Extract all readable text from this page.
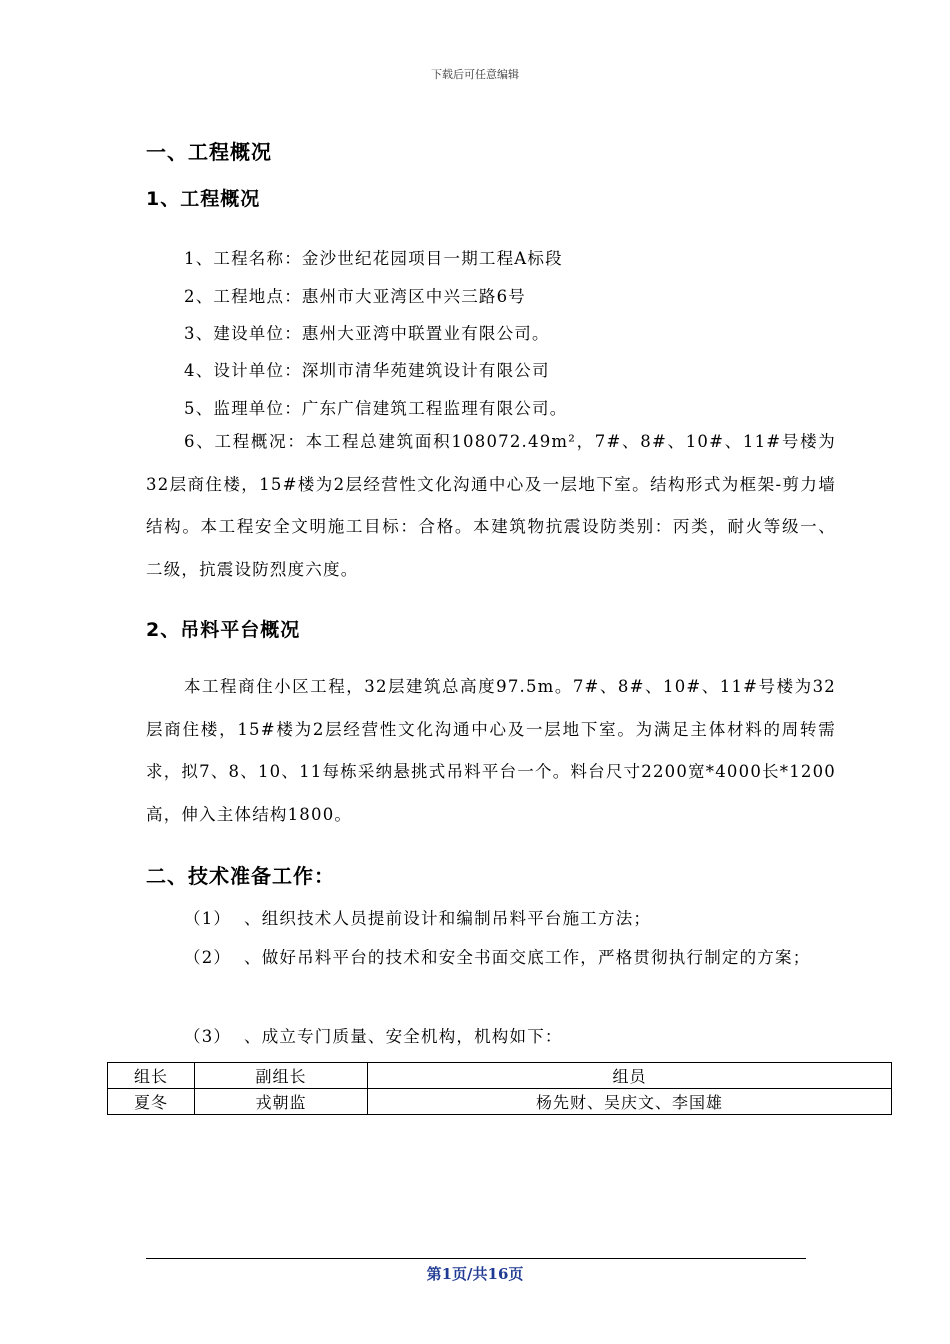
下载后可任意编辑
一、工程概况
1、工程概况
1、工程名称：金沙世纪花园项目一期工程A标段
2、工程地点：惠州市大亚湾区中兴三路6号
3、建设单位：惠州大亚湾中联置业有限公司。
4、设计单位：深圳市清华苑建筑设计有限公司
5、监理单位：广东广信建筑工程监理有限公司。
6、工程概况：本工程总建筑面积108072.49m²，7#、8#、10#、11#号楼为32层商住楼，15#楼为2层经营性文化沟通中心及一层地下室。结构形式为框架-剪力墙结构。本工程安全文明施工目标：合格。本建筑物抗震设防类别：丙类，耐火等级一、二级，抗震设防烈度六度。
2、吊料平台概况
本工程商住小区工程，32层建筑总高度97.5m。7#、8#、10#、11#号楼为32层商住楼，15#楼为2层经营性文化沟通中心及一层地下室。为满足主体材料的周转需求，拟7、8、10、11每栋采纳悬挑式吊料平台一个。料台尺寸2200宽*4000长*1200高，伸入主体结构1800。
二、技术准备工作：
（1） 、组织技术人员提前设计和编制吊料平台施工方法；
（2） 、做好吊料平台的技术和安全书面交底工作，严格贯彻执行制定的方案；
（3） 、成立专门质量、安全机构，机构如下：
组长	副组长	组员
夏冬	戎朝监	杨先财、吴庆文、李国雄
第1页/共16页
